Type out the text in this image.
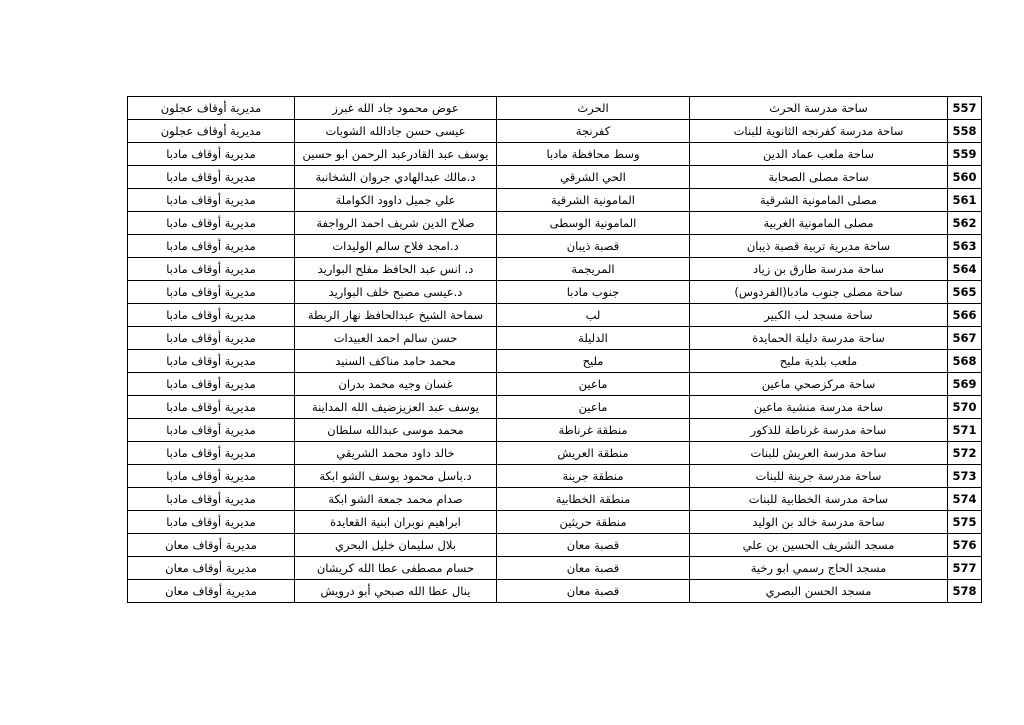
557	ساحة مدرسة الحرث	الحرث	عوض محمود جاد الله غبرز	مديرية أوقاف عجلون
558	ساحة مدرسة كفرنجه الثانوية للبنات	كفرنجة	عيسى حسن جادالله الشوبات	مديرية أوقاف عجلون
559	ساحة ملعب عماد الدين	وسط محافظة مادبا	يوسف عبد القادرعبد الرحمن ابو حسين	مديرية أوقاف مادبا
560	ساحة مصلى الصحابة	الحي الشرقي	د.مالك عبدالهادي جروان الشخانبة	مديرية أوقاف مادبا
561	مصلى المامونية الشرقية	المامونية الشرقية	علي جميل داوود الكواملة	مديرية أوقاف مادبا
562	مصلى المامونية الغربية	المامونية الوسطى	صلاح الدين شريف احمد الرواجفة	مديرية أوقاف مادبا
563	ساحة مديرية تربية قصبة ذيبان	قصبة ذيبان	د.امجد فلاح سالم الوليدات	مديرية أوقاف مادبا
564	ساحة مدرسة طارق بن زياد	المريجمة	د. انس عبد الحافظ مفلح البواريد	مديرية أوقاف مادبا
565	ساحة مصلى جنوب مادبا(الفردوس)	جنوب مادبا	د.عيسى مصبح خلف البواريد	مديرية أوقاف مادبا
566	ساحة مسجد لب الكبير	لب	سماحة الشيخ عبدالحافظ نهار الربطة	مديرية أوقاف مادبا
567	ساحة مدرسة دليلة الحمايدة	الدليلة	حسن سالم احمد العبيدات	مديرية أوقاف مادبا
568	ملعب بلدية مليح	مليح	محمد حامد مناكف السنيد	مديرية أوقاف مادبا
569	ساحة مركزصحي ماعين	ماعين	غسان وجيه محمد بدران	مديرية أوقاف مادبا
570	ساحة مدرسة منشية ماعين	ماعين	يوسف عبد العزيزضيف الله المداينة	مديرية أوقاف مادبا
571	ساحة مدرسة غرناطة للذكور	منطقة غرناطة	محمد موسى عبدالله سلطان	مديرية أوقاف مادبا
572	ساحة مدرسة العريش للبنات	منطقة العريش	خالد داود محمد الشريقي	مديرية أوقاف مادبا
573	ساحة مدرسة جرينة للبنات	منطقة جرينة	د.باسل محمود يوسف الشو ابكة	مديرية أوقاف مادبا
574	ساحة مدرسة الخطابية للبنات	منطقة الخطابية	صدام محمد جمعة الشو ابكة	مديرية أوقاف مادبا
575	ساحة مدرسة خالد بن الوليد	منطقة حريثين	ابراهيم نوبران ابنية القعايدة	مديرية أوقاف مادبا
576	مسجد الشريف الحسين بن علي	قصبة معان	بلال سليمان خليل البحري	مديرية أوقاف معان
577	مسجد الحاج رسمي ابو رخية	قصبة معان	حسام مصطفى عطا الله كريشان	مديرية أوقاف معان
578	مسجد الحسن البصري	قصبة معان	ينال عطا الله صبحي أبو درويش	مديرية أوقاف معان
